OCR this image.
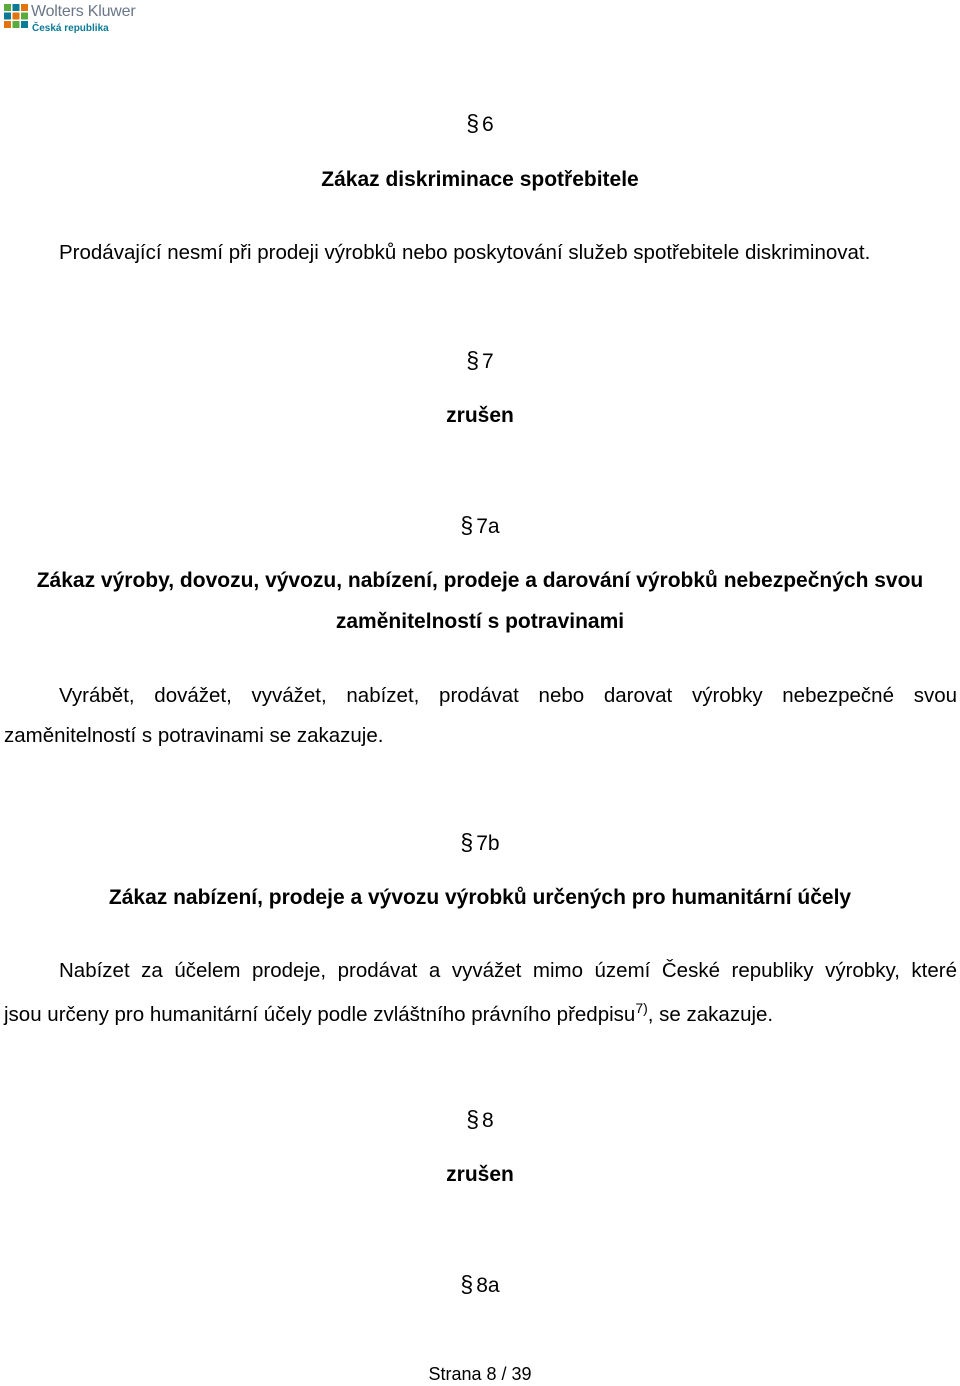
Wolters Kluwer
Česká republika
§ 6
Zákaz diskriminace spotřebitele
Prodávající nesmí při prodeji výrobků nebo poskytování služeb spotřebitele diskriminovat.
§ 7
zrušen
§ 7a
Zákaz výroby, dovozu, vývozu, nabízení, prodeje a darování výrobků nebezpečných svou
zaměnitelností s potravinami
Vyrábět, dovážet, vyvážet, nabízet, prodávat nebo darovat výrobky nebezpečné svou
zaměnitelností s potravinami se zakazuje.
§ 7b
Zákaz nabízení, prodeje a vývozu výrobků určených pro humanitární účely
Nabízet za účelem prodeje, prodávat a vyvážet mimo území České republiky výrobky, které
jsou určeny pro humanitární účely podle zvláštního právního předpisu$^{7)}$, se zakazuje.
§ 8
zrušen
§ 8a
Strana 8 / 39
